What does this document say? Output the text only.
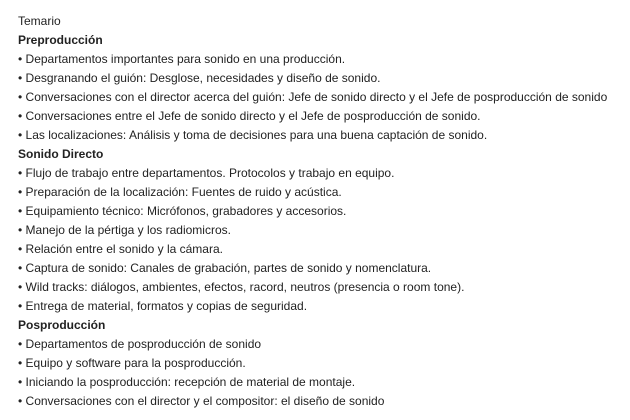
Temario
Preproducción
• Departamentos importantes para sonido en una producción.
• Desgranando el guión: Desglose, necesidades y diseño de sonido.
• Conversaciones con el director acerca del guión: Jefe de sonido directo y el Jefe de posproducción de sonido
• Conversaciones entre el Jefe de sonido directo y el Jefe de posproducción de sonido.
• Las localizaciones: Análisis y toma de decisiones para una buena captación de sonido.
Sonido Directo
• Flujo de trabajo entre departamentos. Protocolos y trabajo en equipo.
• Preparación de la localización: Fuentes de ruido y acústica.
• Equipamiento técnico: Micrófonos, grabadores y accesorios.
• Manejo de la pértiga y los radiomicros.
• Relación entre el sonido y la cámara.
• Captura de sonido: Canales de grabación, partes de sonido y nomenclatura.
• Wild tracks: diálogos, ambientes, efectos, racord, neutros (presencia o room tone).
• Entrega de material, formatos y copias de seguridad.
Posproducción
• Departamentos de posproducción de sonido
• Equipo y software para la posproducción.
• Iniciando la posproducción: recepción de material de montaje.
• Conversaciones con el director y el compositor: el diseño de sonido
